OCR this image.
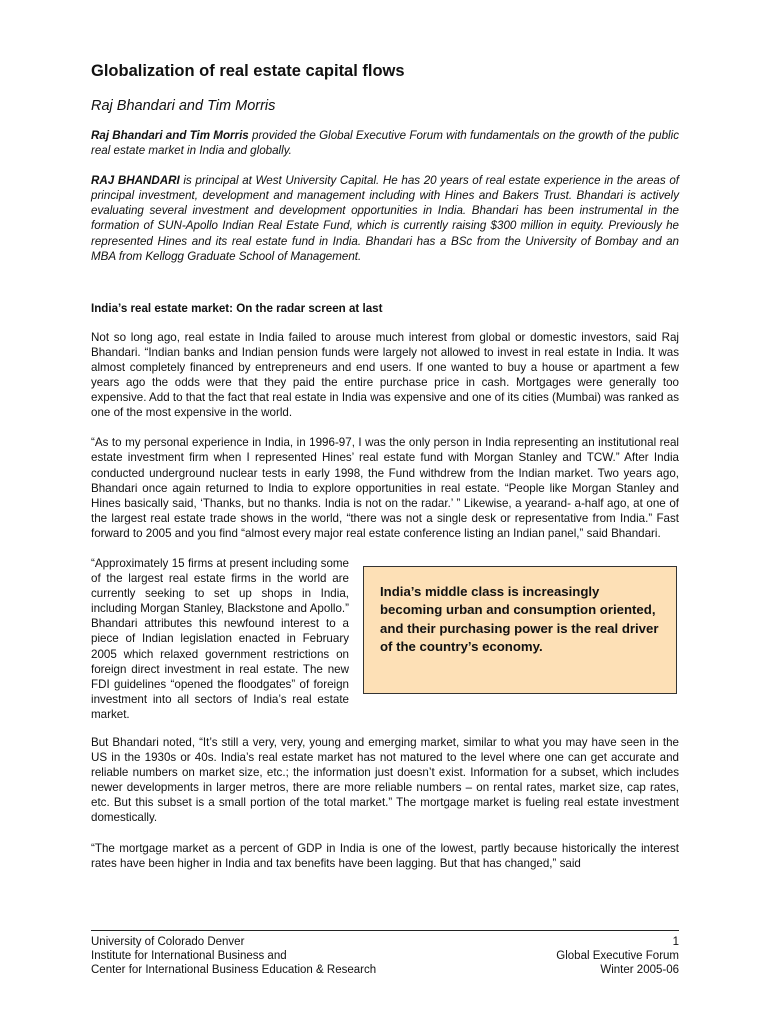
Globalization of real estate capital flows
Raj Bhandari and Tim Morris

Raj Bhandari and Tim Morris provided the Global Executive Forum with fundamentals on the growth of the public real estate market in India and globally.

RAJ BHANDARI is principal at West University Capital. He has 20 years of real estate experience in the areas of principal investment, development and management including with Hines and Bakers Trust. Bhandari is actively evaluating several investment and development opportunities in India. Bhandari has been instrumental in the formation of SUN-Apollo Indian Real Estate Fund, which is currently raising $300 million in equity. Previously he represented Hines and its real estate fund in India. Bhandari has a BSc from the University of Bombay and an MBA from Kellogg Graduate School of Management.

India’s real estate market: On the radar screen at last

Not so long ago, real estate in India failed to arouse much interest from global or domestic investors, said Raj Bhandari. “Indian banks and Indian pension funds were largely not allowed to invest in real estate in India. It was almost completely financed by entrepreneurs and end users. If one wanted to buy a house or apartment a few years ago the odds were that they paid the entire purchase price in cash. Mortgages were generally too expensive. Add to that the fact that real estate in India was expensive and one of its cities (Mumbai) was ranked as one of the most expensive in the world.

“As to my personal experience in India, in 1996-97, I was the only person in India representing an institutional real estate investment firm when I represented Hines’ real estate fund with Morgan Stanley and TCW.” After India conducted underground nuclear tests in early 1998, the Fund withdrew from the Indian market. Two years ago, Bhandari once again returned to India to explore opportunities in real estate. “People like Morgan Stanley and Hines basically said, ‘Thanks, but no thanks. India is not on the radar.’ ” Likewise, a yearand- a-half ago, at one of the largest real estate trade shows in the world, “there was not a single desk or representative from India.” Fast forward to 2005 and you find “almost every major real estate conference listing an Indian panel,” said Bhandari.

“Approximately 15 firms at present including some of the largest real estate firms in the world are currently seeking to set up shops in India, including Morgan Stanley, Blackstone and Apollo.” Bhandari attributes this newfound interest to a piece of Indian legislation enacted in February 2005 which relaxed government restrictions on foreign direct investment in real estate. The new FDI guidelines “opened the floodgates” of foreign investment into all sectors of India’s real estate market.

India’s middle class is increasingly becoming urban and consumption oriented, and their purchasing power is the real driver of the country’s economy.

But Bhandari noted, “It’s still a very, very, young and emerging market, similar to what you may have seen in the US in the 1930s or 40s. India’s real estate market has not matured to the level where one can get accurate and reliable numbers on market size, etc.; the information just doesn’t exist. Information for a subset, which includes newer developments in larger metros, there are more reliable numbers – on rental rates, market size, cap rates, etc. But this subset is a small portion of the total market.” The mortgage market is fueling real estate investment domestically.

“The mortgage market as a percent of GDP in India is one of the lowest, partly because historically the interest rates have been higher in India and tax benefits have been lagging. But that has changed,” said

University of Colorado Denver
Institute for International Business and
Center for International Business Education & Research
1
Global Executive Forum
Winter 2005-06
